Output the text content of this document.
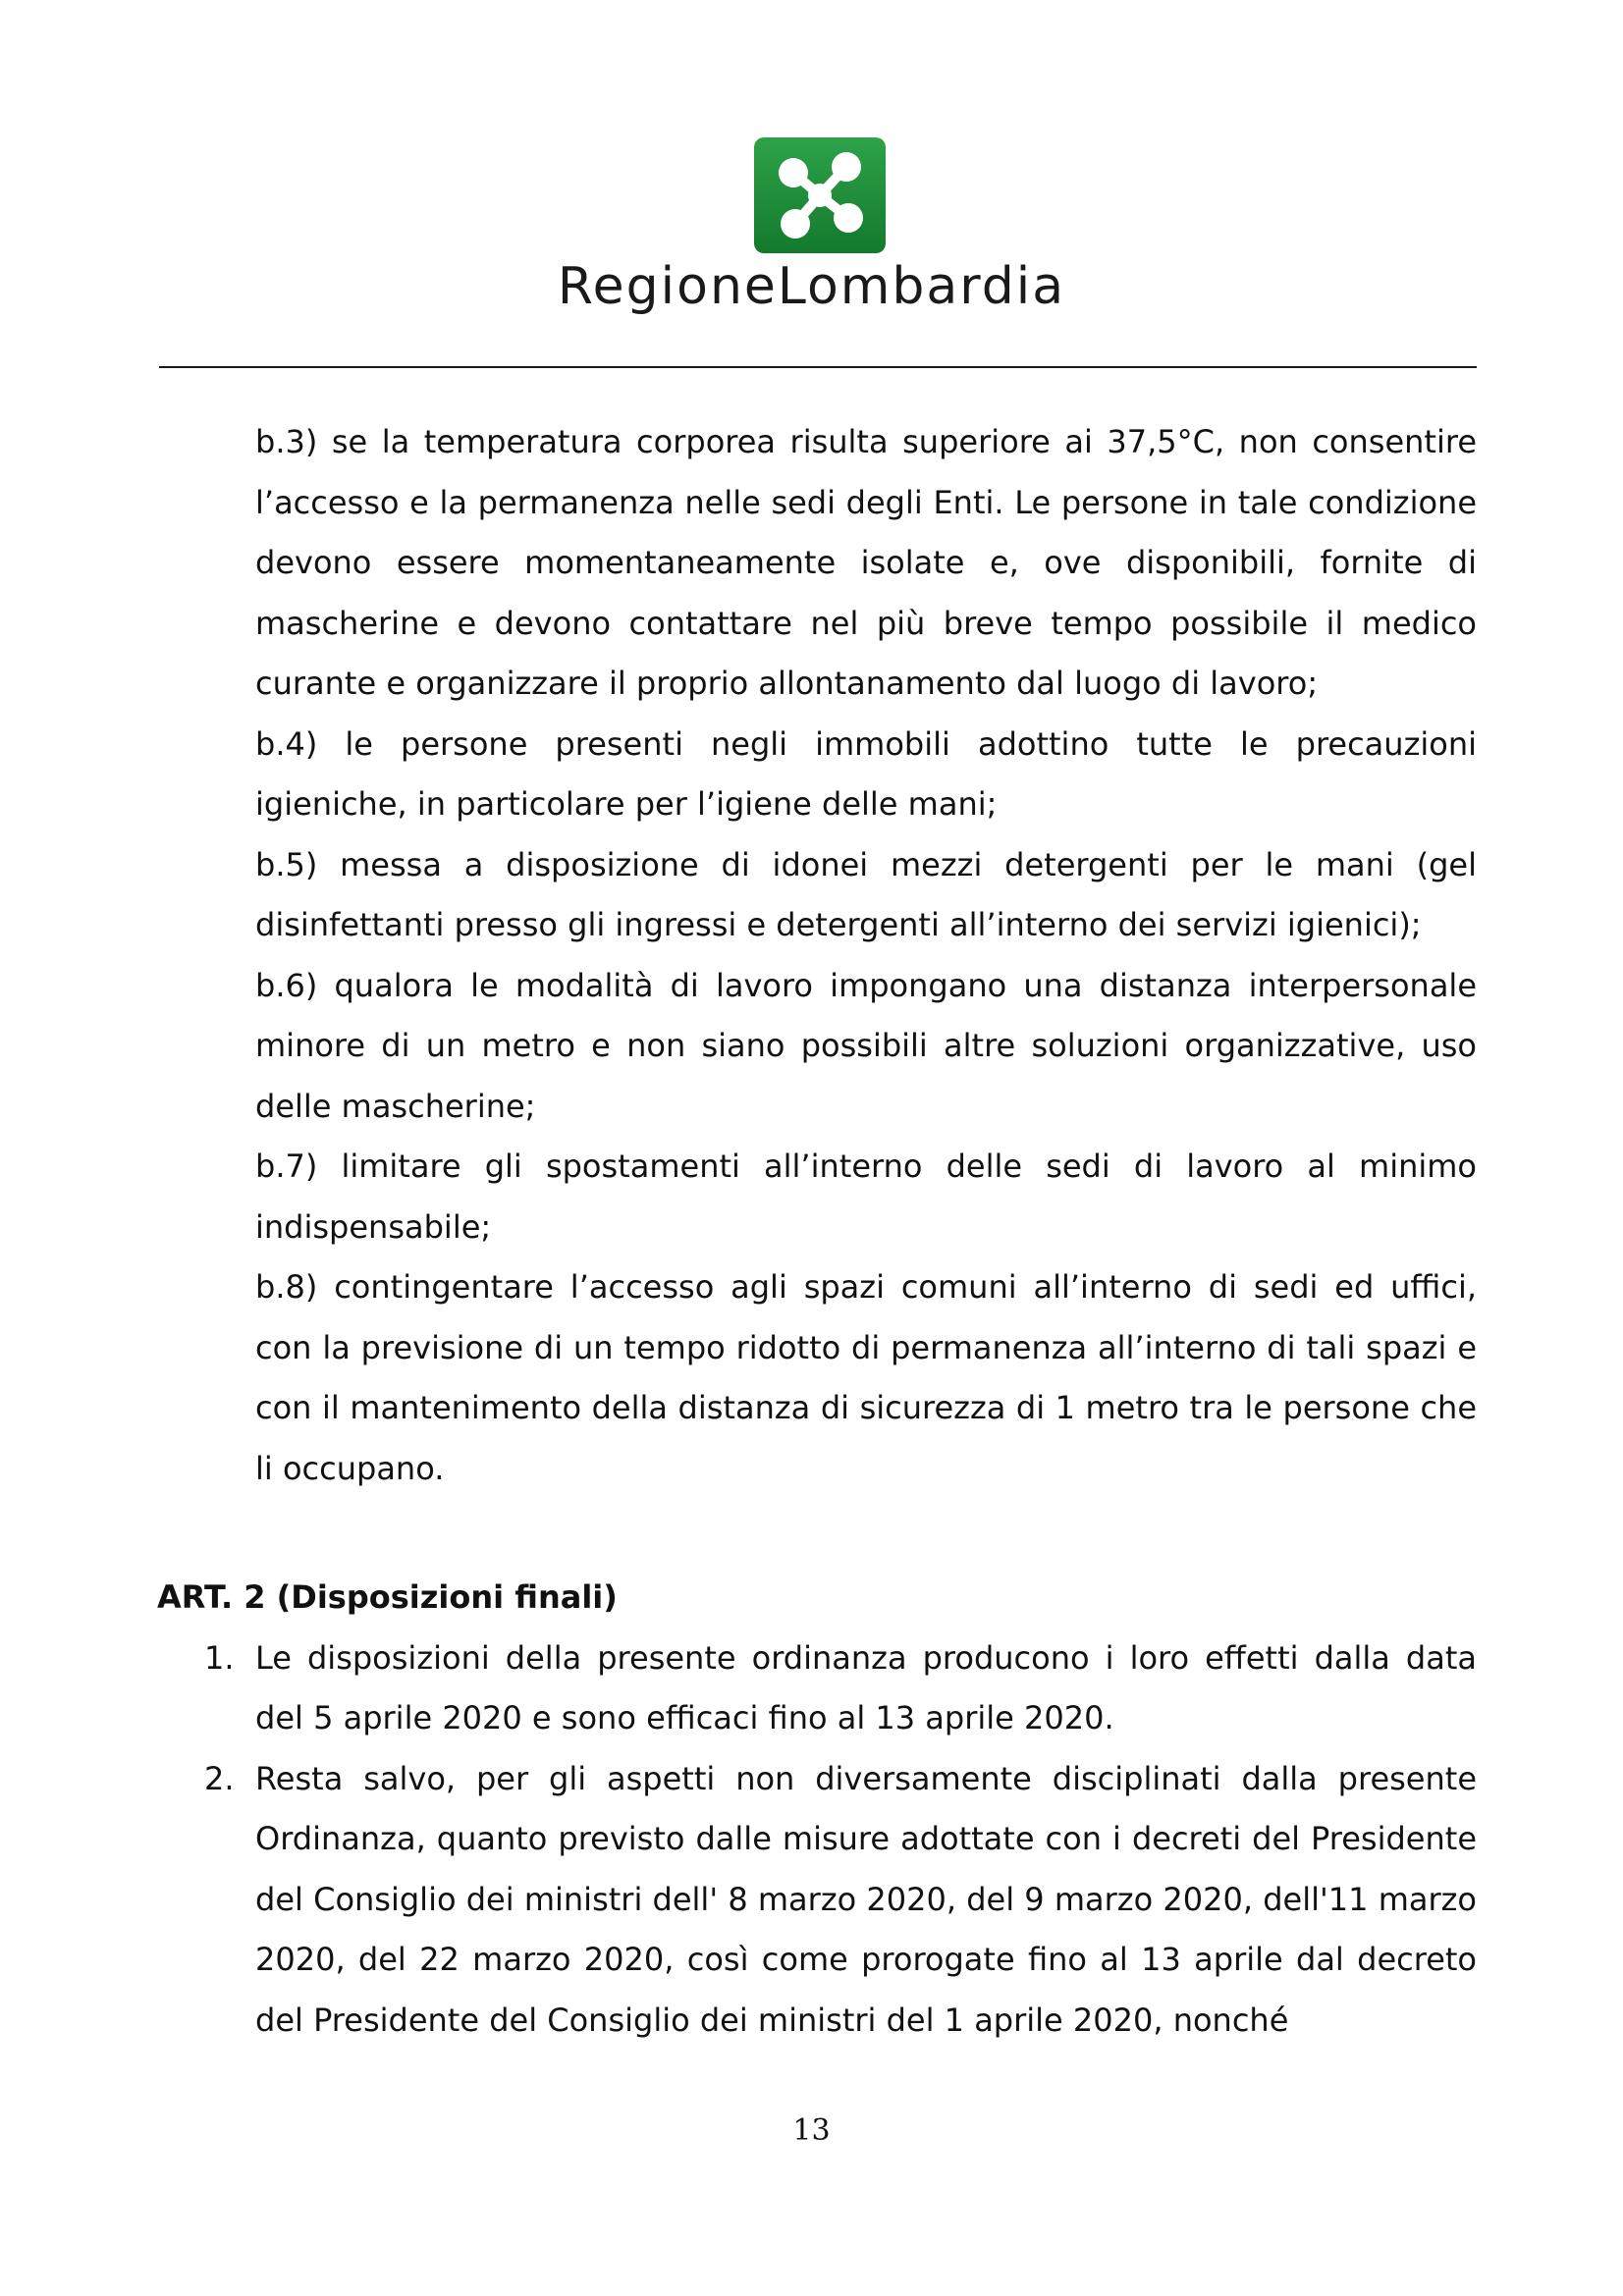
RegioneLombardia
b.3) se la temperatura corporea risulta superiore ai 37,5°C, non consentire l’accesso e la permanenza nelle sedi degli Enti. Le persone in tale condizione devono essere momentaneamente isolate e, ove disponibili, fornite di mascherine e devono contattare nel più breve tempo possibile il medico curante e organizzare il proprio allontanamento dal luogo di lavoro;
b.4) le persone presenti negli immobili adottino tutte le precauzioni igieniche, in particolare per l’igiene delle mani;
b.5) messa a disposizione di idonei mezzi detergenti per le mani (gel disinfettanti presso gli ingressi e detergenti all’interno dei servizi igienici);
b.6) qualora le modalità di lavoro impongano una distanza interpersonale minore di un metro e non siano possibili altre soluzioni organizzative, uso delle mascherine;
b.7) limitare gli spostamenti all’interno delle sedi di lavoro al minimo indispensabile;
b.8) contingentare l’accesso agli spazi comuni all’interno di sedi ed uffici, con la previsione di un tempo ridotto di permanenza all’interno di tali spazi e con il mantenimento della distanza di sicurezza di 1 metro tra le persone che li occupano.
ART. 2 (Disposizioni finali)
1. Le disposizioni della presente ordinanza producono i loro effetti dalla data del 5 aprile 2020 e sono efficaci fino al 13 aprile 2020.
2. Resta salvo, per gli aspetti non diversamente disciplinati dalla presente Ordinanza, quanto previsto dalle misure adottate con i decreti del Presidente del Consiglio dei ministri dell' 8 marzo 2020, del 9 marzo 2020, dell'11 marzo 2020, del 22 marzo 2020, così come prorogate fino al 13 aprile dal decreto del Presidente del Consiglio dei ministri del 1 aprile 2020, nonché
13
